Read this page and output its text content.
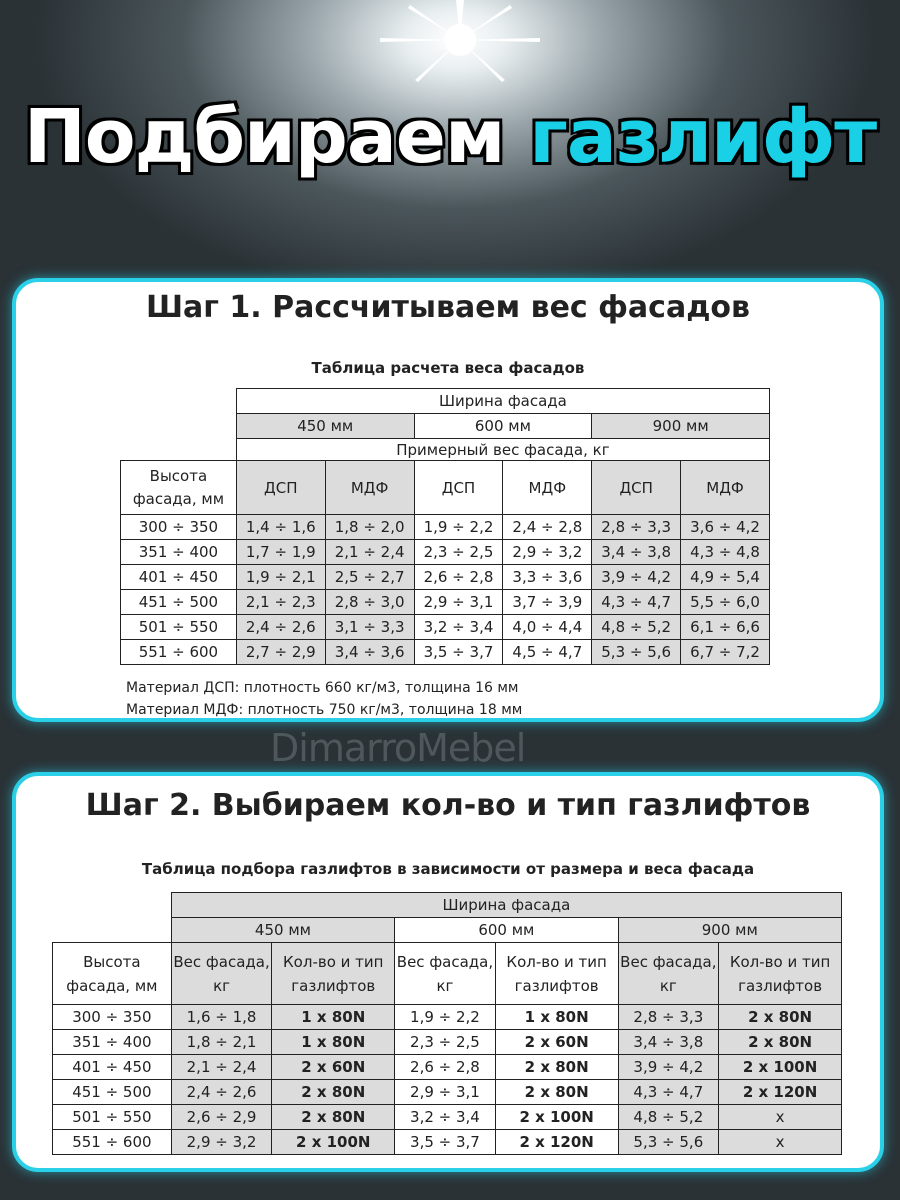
Подбираем газлифт
Шаг 1. Рассчитываем вес фасадов
Таблица расчета веса фасадов
	Ширина фасада					
	450 мм		600 мм		900 мм	
	Примерный вес фасада, кг					
Высота фасада, мм	ДСП	МДФ	ДСП	МДФ	ДСП	МДФ
300 ÷ 350	1,4 ÷ 1,6	1,8 ÷ 2,0	1,9 ÷ 2,2	2,4 ÷ 2,8	2,8 ÷ 3,3	3,6 ÷ 4,2
351 ÷ 400	1,7 ÷ 1,9	2,1 ÷ 2,4	2,3 ÷ 2,5	2,9 ÷ 3,2	3,4 ÷ 3,8	4,3 ÷ 4,8
401 ÷ 450	1,9 ÷ 2,1	2,5 ÷ 2,7	2,6 ÷ 2,8	3,3 ÷ 3,6	3,9 ÷ 4,2	4,9 ÷ 5,4
451 ÷ 500	2,1 ÷ 2,3	2,8 ÷ 3,0	2,9 ÷ 3,1	3,7 ÷ 3,9	4,3 ÷ 4,7	5,5 ÷ 6,0
501 ÷ 550	2,4 ÷ 2,6	3,1 ÷ 3,3	3,2 ÷ 3,4	4,0 ÷ 4,4	4,8 ÷ 5,2	6,1 ÷ 6,6
551 ÷ 600	2,7 ÷ 2,9	3,4 ÷ 3,6	3,5 ÷ 3,7	4,5 ÷ 4,7	5,3 ÷ 5,6	6,7 ÷ 7,2
Материал ДСП: плотность 660 кг/м3, толщина 16 мм
Материал МДФ: плотность 750 кг/м3, толщина 18 мм
DimarroMebel
Шаг 2. Выбираем кол-во и тип газлифтов
Таблица подбора газлифтов в зависимости от размера и веса фасада
	Ширина фасада					
	450 мм		600 мм		900 мм	
Высота фасада, мм	Вес фасада, кг	Кол-во и тип газлифтов	Вес фасада, кг	Кол-во и тип газлифтов	Вес фасада, кг	Кол-во и тип газлифтов
300 ÷ 350	1,6 ÷ 1,8	1 x 80N	1,9 ÷ 2,2	1 x 80N	2,8 ÷ 3,3	2 x 80N
351 ÷ 400	1,8 ÷ 2,1	1 x 80N	2,3 ÷ 2,5	2 x 60N	3,4 ÷ 3,8	2 x 80N
401 ÷ 450	2,1 ÷ 2,4	2 x 60N	2,6 ÷ 2,8	2 x 80N	3,9 ÷ 4,2	2 x 100N
451 ÷ 500	2,4 ÷ 2,6	2 x 80N	2,9 ÷ 3,1	2 x 80N	4,3 ÷ 4,7	2 x 120N
501 ÷ 550	2,6 ÷ 2,9	2 x 80N	3,2 ÷ 3,4	2 x 100N	4,8 ÷ 5,2	x
551 ÷ 600	2,9 ÷ 3,2	2 x 100N	3,5 ÷ 3,7	2 x 120N	5,3 ÷ 5,6	x
